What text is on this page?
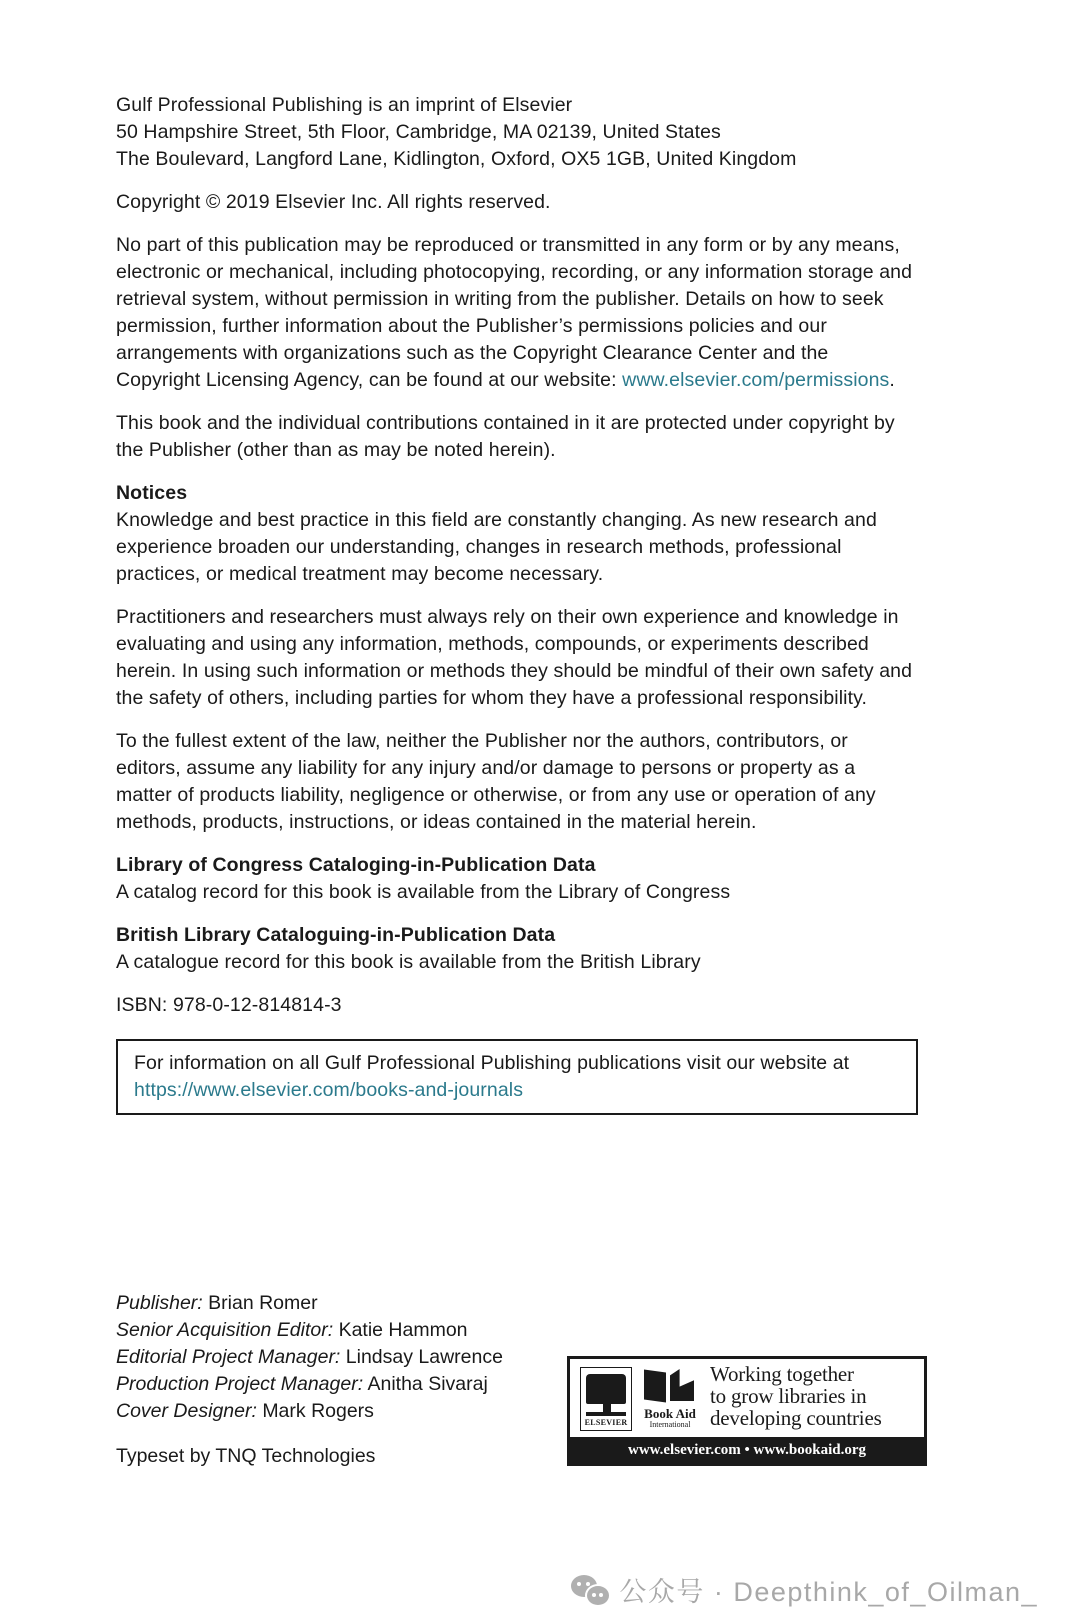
Gulf Professional Publishing is an imprint of Elsevier
50 Hampshire Street, 5th Floor, Cambridge, MA 02139, United States
The Boulevard, Langford Lane, Kidlington, Oxford, OX5 1GB, United Kingdom
Copyright © 2019 Elsevier Inc. All rights reserved.
No part of this publication may be reproduced or transmitted in any form or by any means, electronic or mechanical, including photocopying, recording, or any information storage and retrieval system, without permission in writing from the publisher. Details on how to seek permission, further information about the Publisher’s permissions policies and our arrangements with organizations such as the Copyright Clearance Center and the Copyright Licensing Agency, can be found at our website: www.elsevier.com/permissions.
This book and the individual contributions contained in it are protected under copyright by the Publisher (other than as may be noted herein).
Notices
Knowledge and best practice in this field are constantly changing. As new research and experience broaden our understanding, changes in research methods, professional practices, or medical treatment may become necessary.
Practitioners and researchers must always rely on their own experience and knowledge in evaluating and using any information, methods, compounds, or experiments described herein. In using such information or methods they should be mindful of their own safety and the safety of others, including parties for whom they have a professional responsibility.
To the fullest extent of the law, neither the Publisher nor the authors, contributors, or editors, assume any liability for any injury and/or damage to persons or property as a matter of products liability, negligence or otherwise, or from any use or operation of any methods, products, instructions, or ideas contained in the material herein.
Library of Congress Cataloging-in-Publication Data
A catalog record for this book is available from the Library of Congress
British Library Cataloguing-in-Publication Data
A catalogue record for this book is available from the British Library
ISBN: 978-0-12-814814-3
For information on all Gulf Professional Publishing publications visit our website at
https://www.elsevier.com/books-and-journals
Publisher: Brian Romer
Senior Acquisition Editor: Katie Hammon
Editorial Project Manager: Lindsay Lawrence
Production Project Manager: Anitha Sivaraj
Cover Designer: Mark Rogers
Typeset by TNQ Technologies
ELSEVIER
Book Aid
International
Working together
to grow libraries in
developing countries
www.elsevier.com • www.bookaid.org
公众号 · Deepthink_of_Oilman_
